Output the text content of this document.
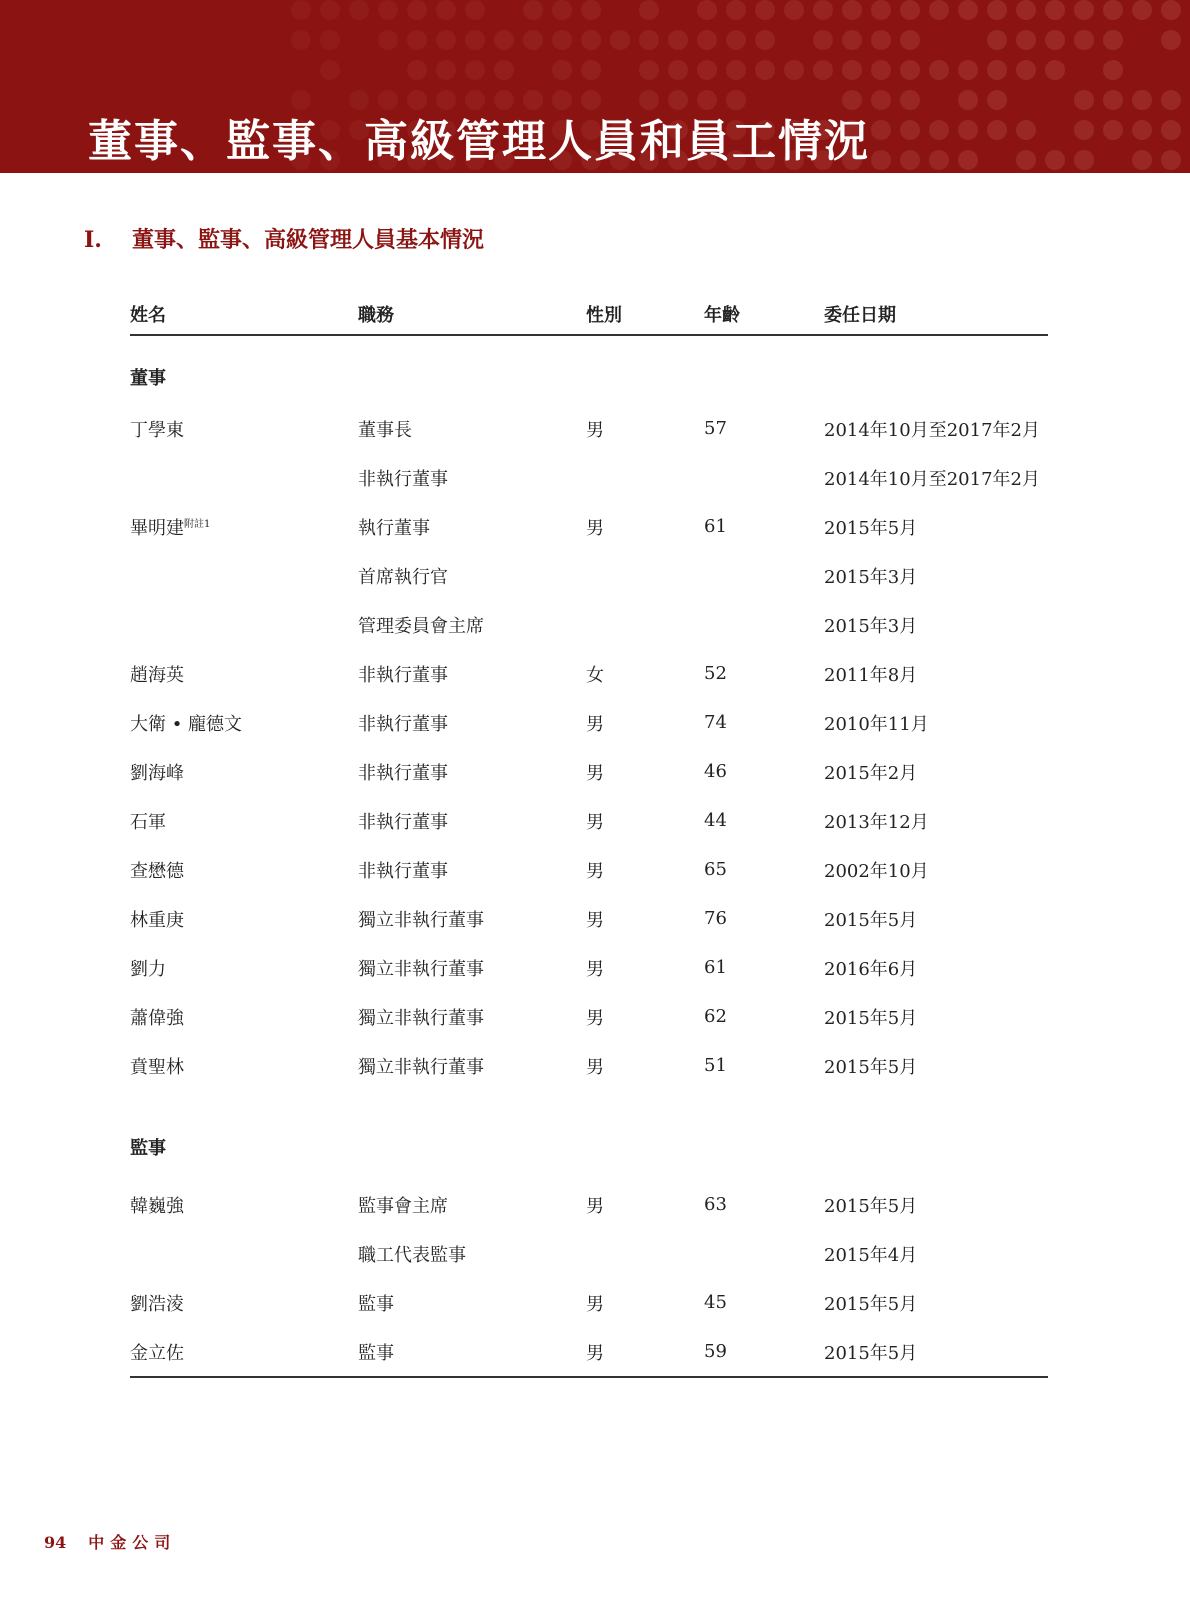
董事、監事、高級管理人員和員工情況
I. 董事、監事、高級管理人員基本情況
姓名	職務	性別	年齡	委任日期
董事				
丁學東	董事長	男	57	2014年10月至2017年2月
	非執行董事			2014年10月至2017年2月
畢明建$^{附註1}$	執行董事	男	61	2015年5月
	首席執行官			2015年3月
	管理委員會主席			2015年3月
趙海英	非執行董事	女	52	2011年8月
大衛 • 龐德文	非執行董事	男	74	2010年11月
劉海峰	非執行董事	男	46	2015年2月
石軍	非執行董事	男	44	2013年12月
查懋德	非執行董事	男	65	2002年10月
林重庚	獨立非執行董事	男	76	2015年5月
劉力	獨立非執行董事	男	61	2016年6月
蕭偉強	獨立非執行董事	男	62	2015年5月
賁聖林	獨立非執行董事	男	51	2015年5月
監事				
韓巍強	監事會主席	男	63	2015年5月
	職工代表監事			2015年4月
劉浩淩	監事	男	45	2015年5月
金立佐	監事	男	59	2015年5月
94 中金公司
